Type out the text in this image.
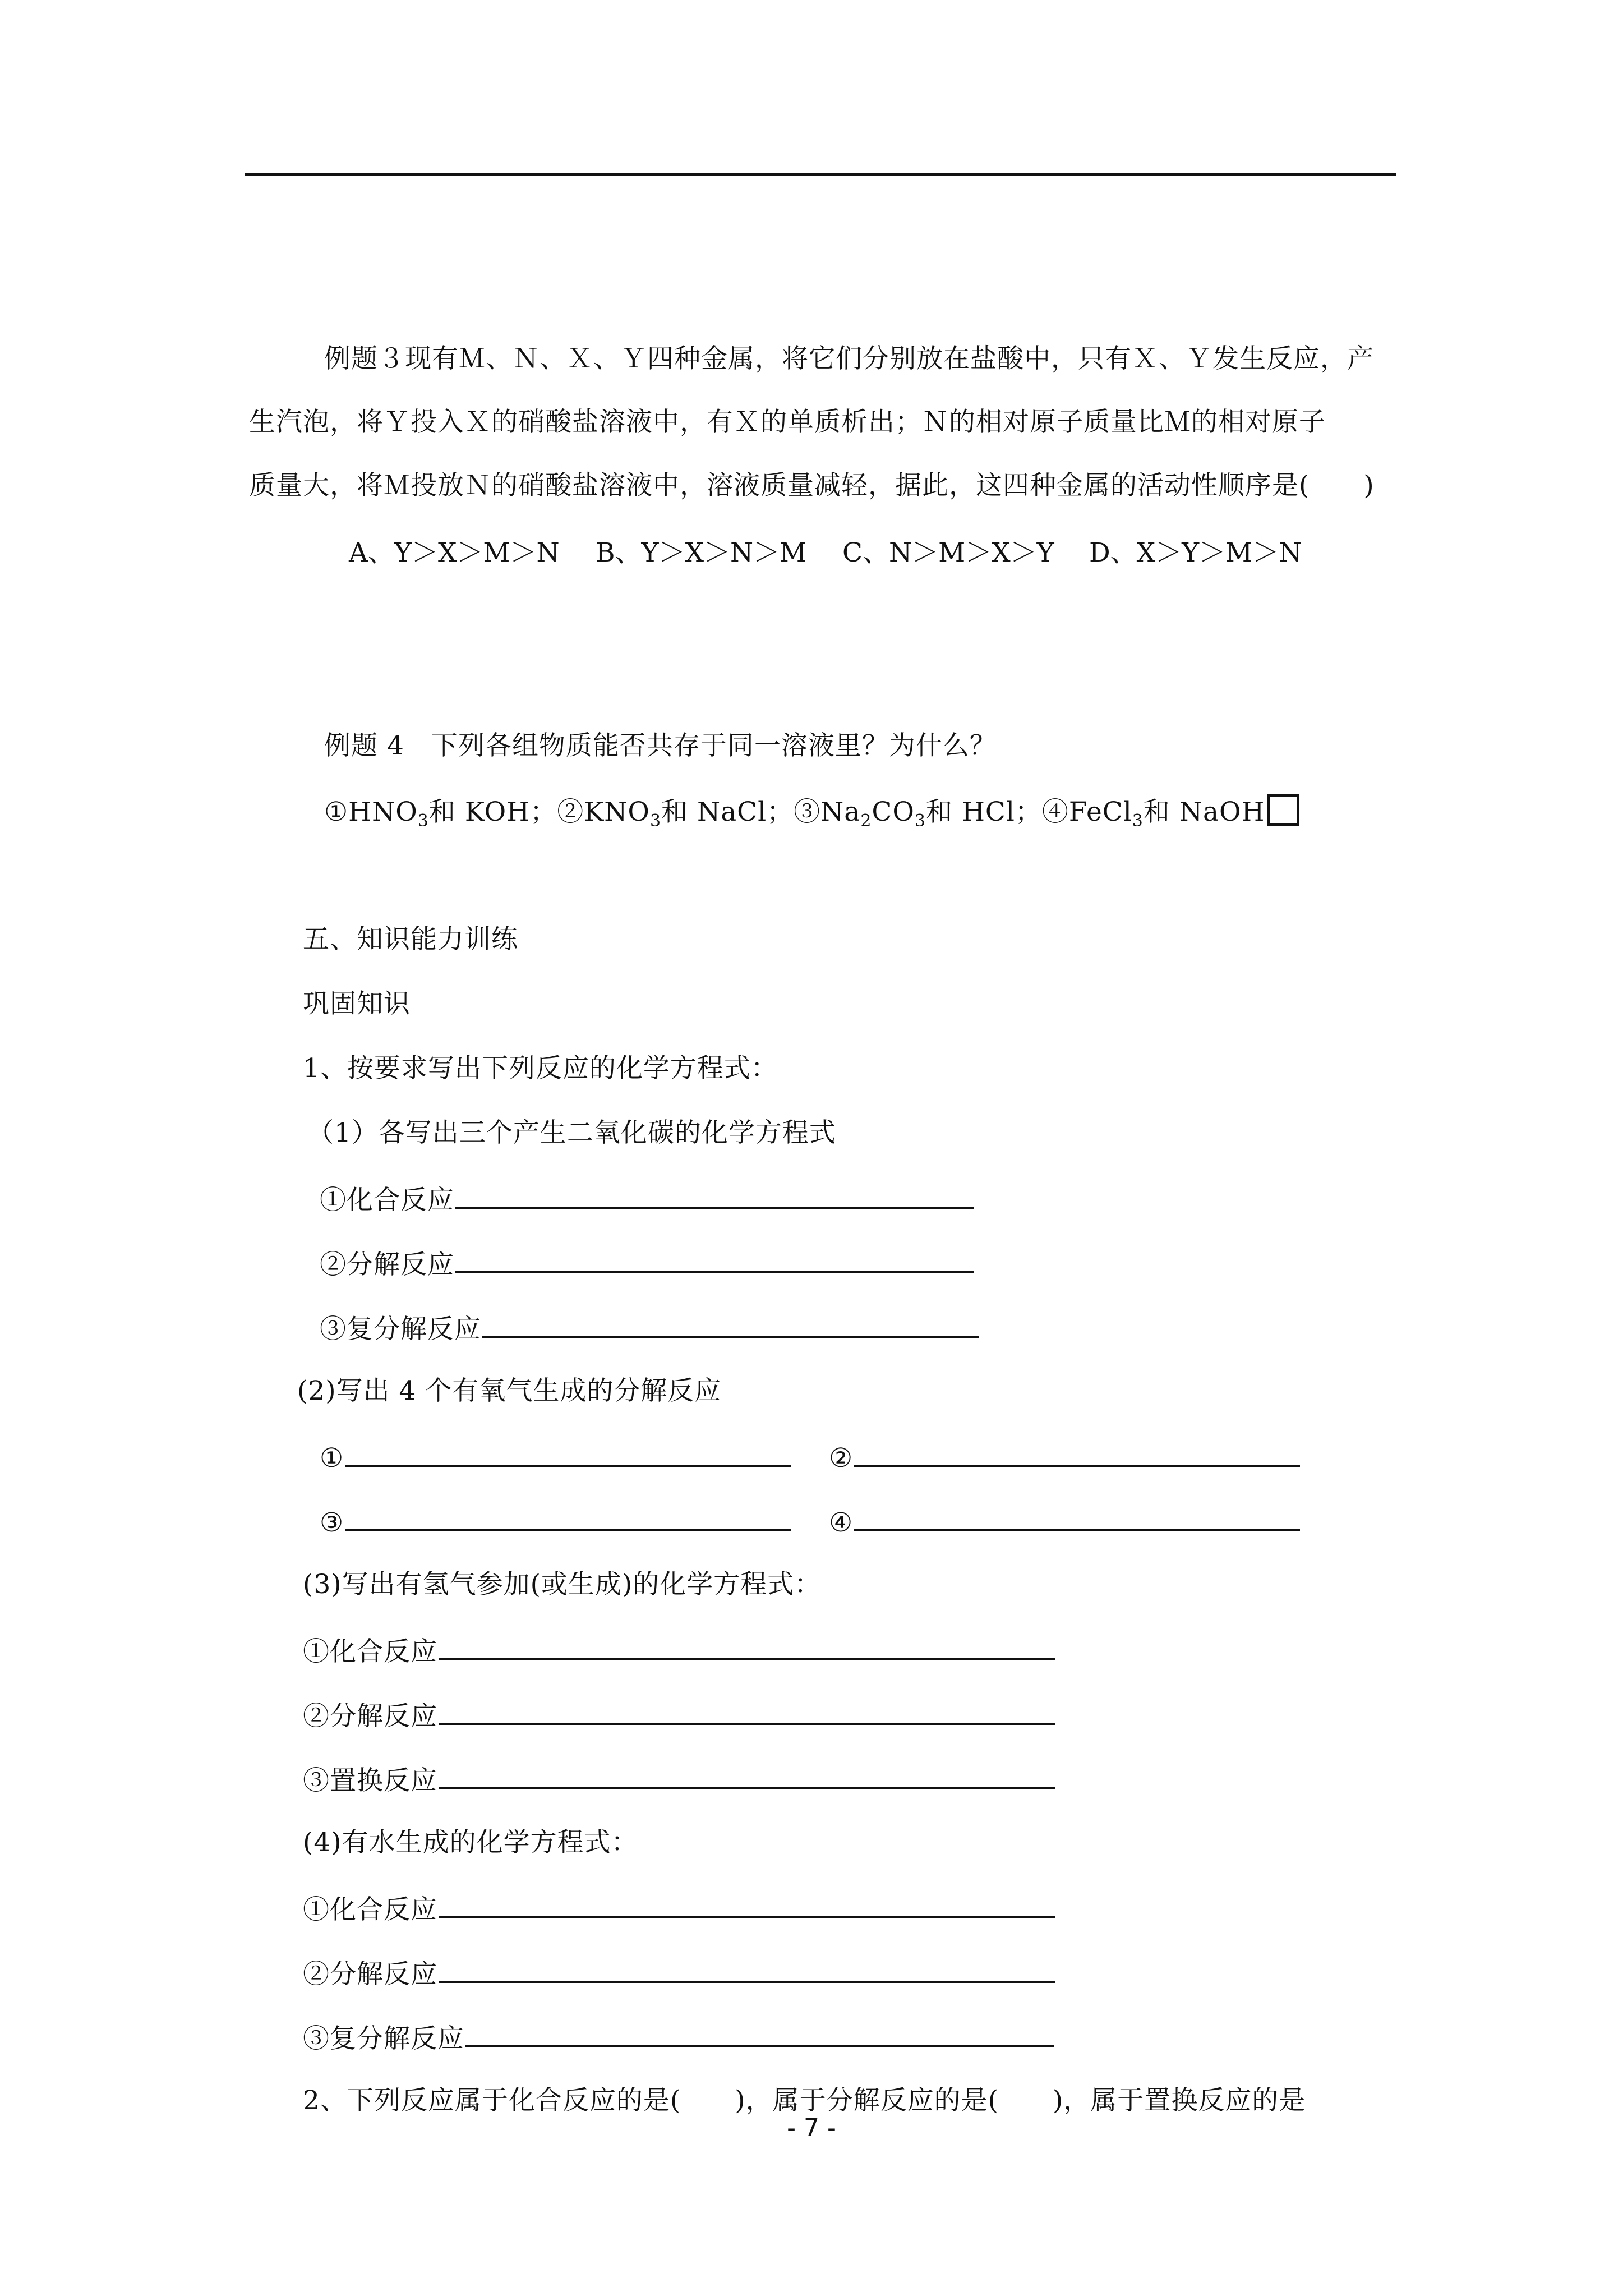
例题３现有Ｍ、Ｎ、Ｘ、Ｙ四种金属，将它们分别放在盐酸中，只有Ｘ、Ｙ发生反应，产
生汽泡，将Ｙ投入Ｘ的硝酸盐溶液中，有Ｘ的单质析出；Ｎ的相对原子质量比Ｍ的相对原子
质量大，将Ｍ投放Ｎ的硝酸盐溶液中，溶液质量减轻，据此，这四种金属的活动性顺序是(　　)
A、Y＞X＞M＞N B、Y＞X＞N＞M C、N＞M＞X＞Y D、X＞Y＞M＞N
例题 4　下列各组物质能否共存于同一溶液里？为什么？
$①HNO_3$和 KOH；$②KNO_3$和 NaCl；$③Na_2CO_3$和 HCl；④FeCl$_3$和 NaOH
五、知识能力训练
巩固知识
1、按要求写出下列反应的化学方程式：
（1）各写出三个产生二氧化碳的化学方程式
①化合反应
②分解反应
③复分解反应
(2)写出 4 个有氧气生成的分解反应
①	②
③	④
(3)写出有氢气参加(或生成)的化学方程式：
①化合反应
②分解反应
③置换反应
(4)有水生成的化学方程式：
①化合反应
②分解反应
③复分解反应
2、下列反应属于化合反应的是(　　)，属于分解反应的是(　　)，属于置换反应的是
- 7 -
